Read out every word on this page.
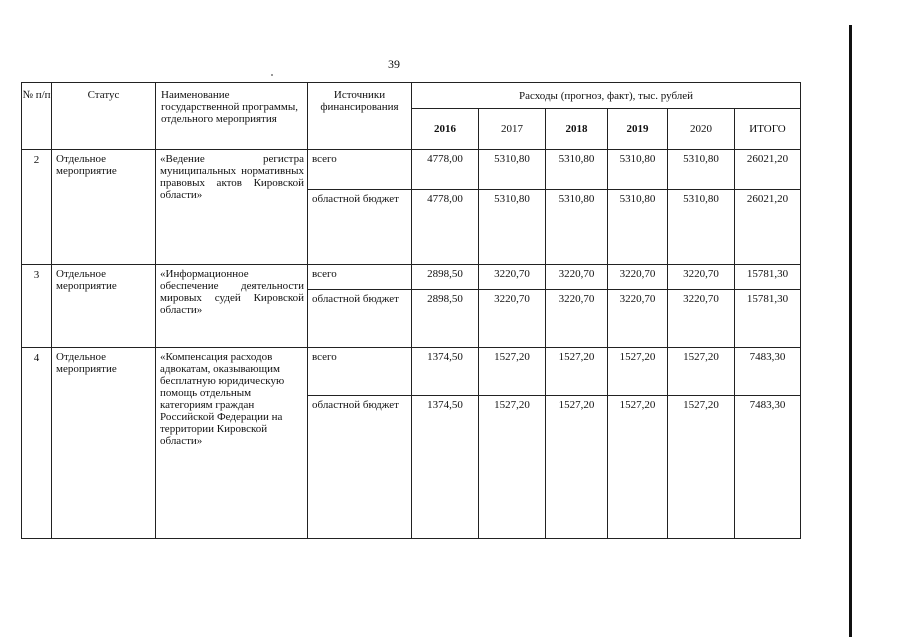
39
№ п/п	Статус	Наименование государственной программы, отдельного мероприятия	Источники финансирования	Расходы (прогноз, факт), тыс. рублей					
				2016	2017	2018	2019	2020	ИТОГО
2	Отдельное мероприятие	«Ведение регистра муниципальных нормативных правовых актов Кировской области»	всего	4778,00	5310,80	5310,80	5310,80	5310,80	26021,20
			областной бюджет	4778,00	5310,80	5310,80	5310,80	5310,80	26021,20
3	Отдельное мероприятие	«Информационное обеспечение деятельности мировых судей Кировской области»	всего	2898,50	3220,70	3220,70	3220,70	3220,70	15781,30
			областной бюджет	2898,50	3220,70	3220,70	3220,70	3220,70	15781,30
4	Отдельное мероприятие	«Компенсация расходов адвокатам, оказывающим бесплатную юридическую помощь отдельным категориям граждан Российской Федерации на территории Кировской области»	всего	1374,50	1527,20	1527,20	1527,20	1527,20	7483,30
			областной бюджет	1374,50	1527,20	1527,20	1527,20	1527,20	7483,30
